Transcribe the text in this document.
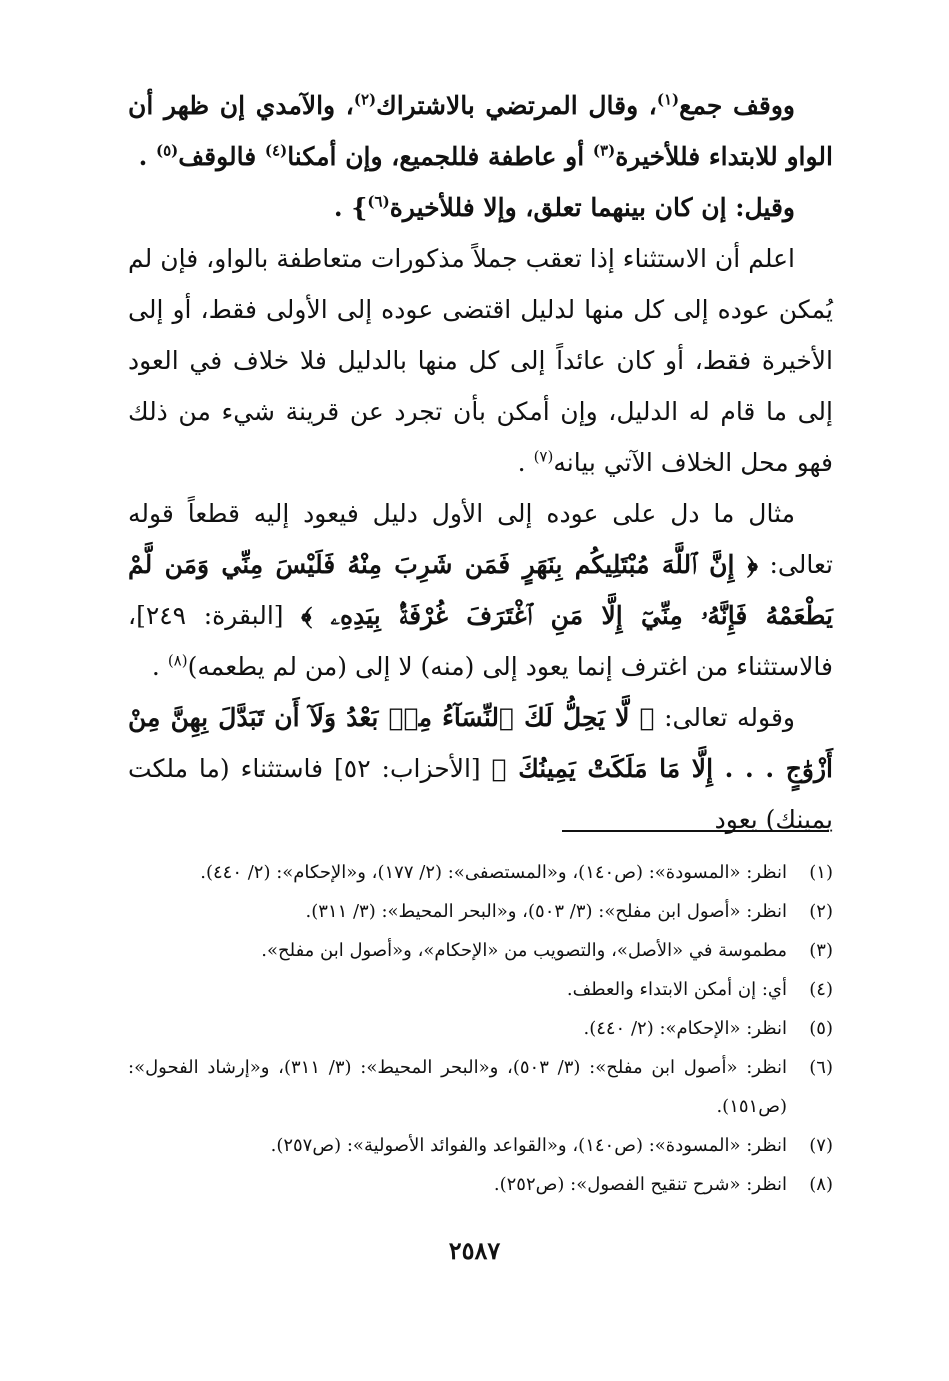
ووقف جمع$^{(١)}$، وقال المرتضي بالاشتراك$^{(٢)}$، والآمدي إن ظهر أن الواو للابتداء فللأخيرة$^{(٣)}$ أو عاطفة فللجميع، وإن أمكنا$^{(٤)}$ فالوقف$^{(٥)}$ .

وقيل: إن كان بينهما تعلق، وإلا فللأخيرة$^{(٦)}$} .

اعلم أن الاستثناء إذا تعقب جملاً مذكورات متعاطفة بالواو، فإن لم يُمكن عوده إلى كل منها لدليل اقتضى عوده إلى الأولى فقط، أو إلى الأخيرة فقط، أو كان عائداً إلى كل منها بالدليل فلا خلاف في العود إلى ما قام له الدليل، وإن أمكن بأن تجرد عن قرينة شيء من ذلك فهو محل الخلاف الآتي بيانه$^{(٧)}$ .

مثال ما دل على عوده إلى الأول دليل فيعود إليه قطعاً قوله تعالى: ﴿ إِنَّ ٱللَّهَ مُبْتَلِيكُم بِنَهَرٍ فَمَن شَرِبَ مِنْهُ فَلَيْسَ مِنِّي وَمَن لَّمْ يَطْعَمْهُ فَإِنَّهُۥ مِنِّيٓ إِلَّا مَنِ ٱغْتَرَفَ غُرْفَةًۢ بِيَدِهِۦ ﴾ [البقرة: ٢٤٩]، فالاستثناء من اغترف إنما يعود إلى (منه) لا إلى (من لم يطعمه)$^{(٨)}$ .

وقوله تعالى: ﴿ لَّا يَحِلُّ لَكَ ٱلنِّسَآءُ مِنۢ بَعْدُ وَلَآ أَن تَبَدَّلَ بِهِنَّ مِنْ أَزْوَٰجٍ . . . إِلَّا مَا مَلَكَتْ يَمِينُكَ ﴾ [الأحزاب: ٥٢] فاستثناء (ما ملكت يمينك) يعود

(١)
انظر: «المسودة»: (ص١٤٠)، و«المستصفى»: (٢/ ١٧٧)، و«الإحكام»: (٢/ ٤٤٠).
(٢)
انظر: «أصول ابن مفلح»: (٣/ ٥٠٣)، و«البحر المحيط»: (٣/ ٣١١).
(٣)
مطموسة في «الأصل»، والتصويب من «الإحكام»، و«أصول ابن مفلح».
(٤)
أي: إن أمكن الابتداء والعطف.
(٥)
انظر: «الإحكام»: (٢/ ٤٤٠).
(٦)
انظر: «أصول ابن مفلح»: (٣/ ٥٠٣)، و«البحر المحيط»: (٣/ ٣١١)، و«إرشاد الفحول»: (ص١٥١).
(٧)
انظر: «المسودة»: (ص١٤٠)، و«القواعد والفوائد الأصولية»: (ص٢٥٧).
(٨)
انظر: «شرح تنقيح الفصول»: (ص٢٥٢).
٢٥٨٧
